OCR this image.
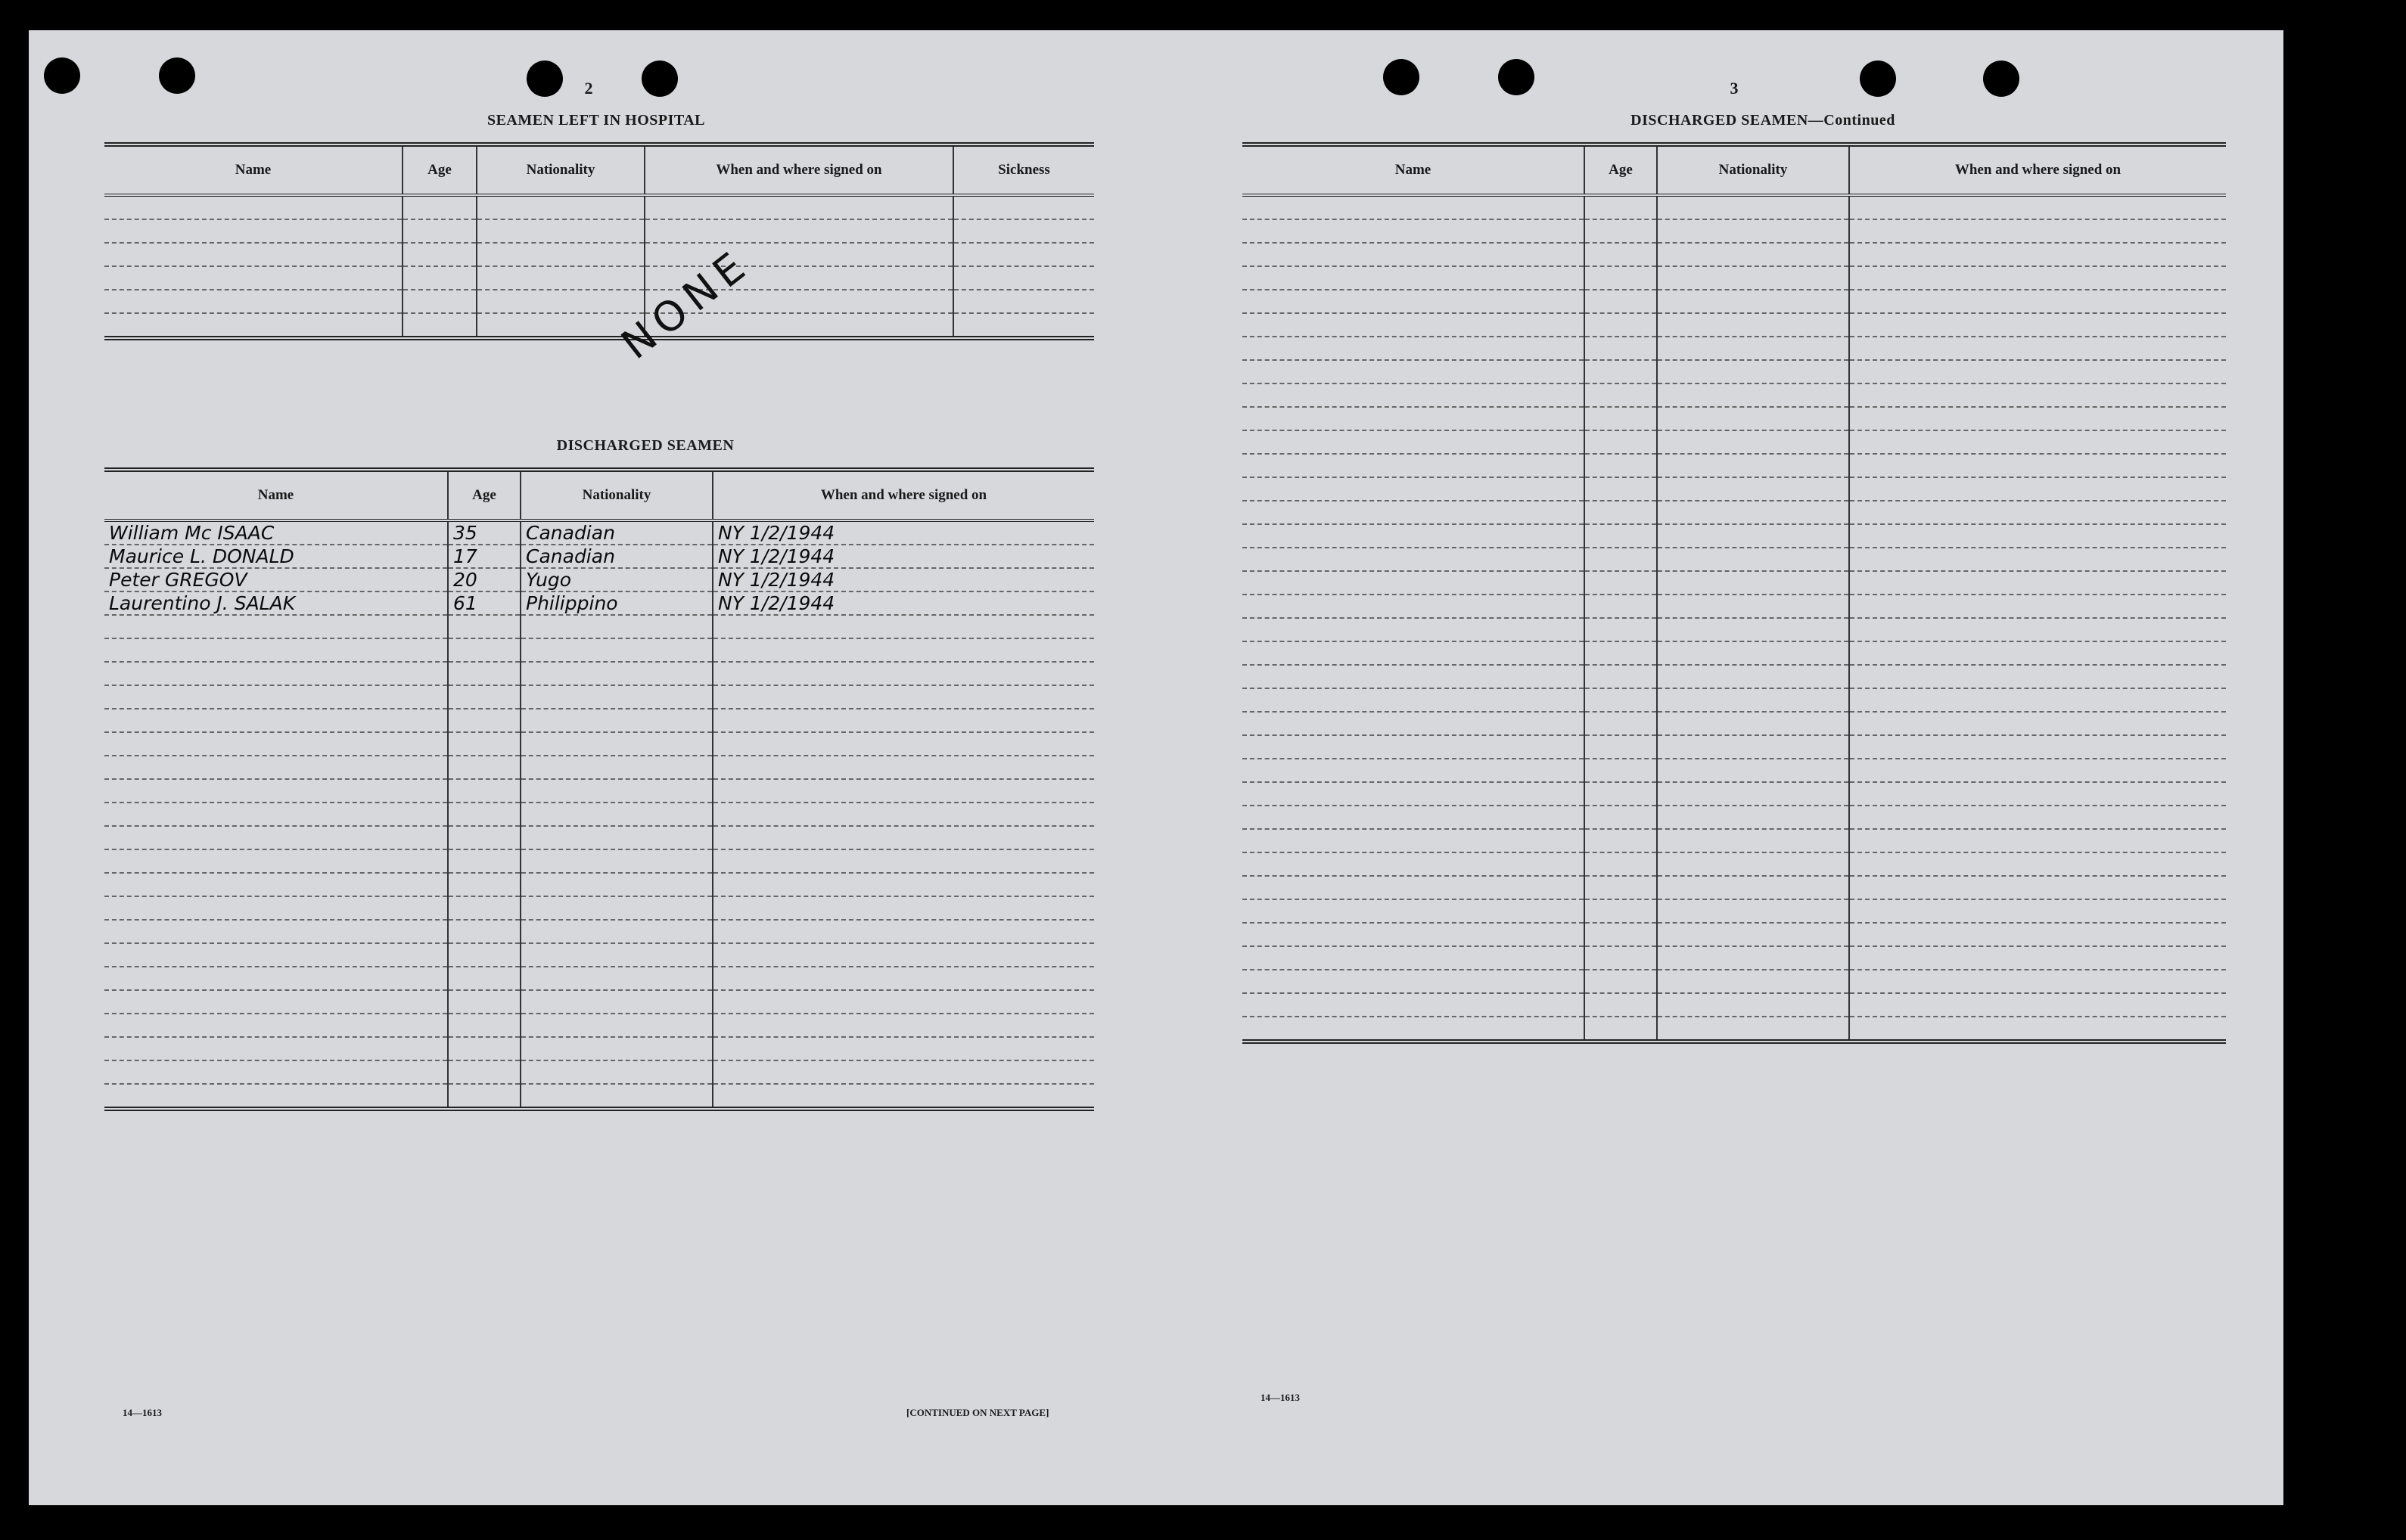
2
SEAMEN LEFT IN HOSPITAL
Name	Age	Nationality	When and where signed on	Sickness

NONE
DISCHARGED SEAMEN
Name	Age	Nationality	When and where signed on
William Mc ISAAC	35	Canadian	NY 1/2/1944
Maurice L. DONALD	17	Canadian	NY 1/2/1944
Peter GREGOV	20	Yugo	NY 1/2/1944
Laurentino J. SALAK	61	Philippino	NY 1/2/1944

14—1613	[CONTINUED ON NEXT PAGE]
3
DISCHARGED SEAMEN—Continued
Name	Age	Nationality	When and where signed on

14—1613
